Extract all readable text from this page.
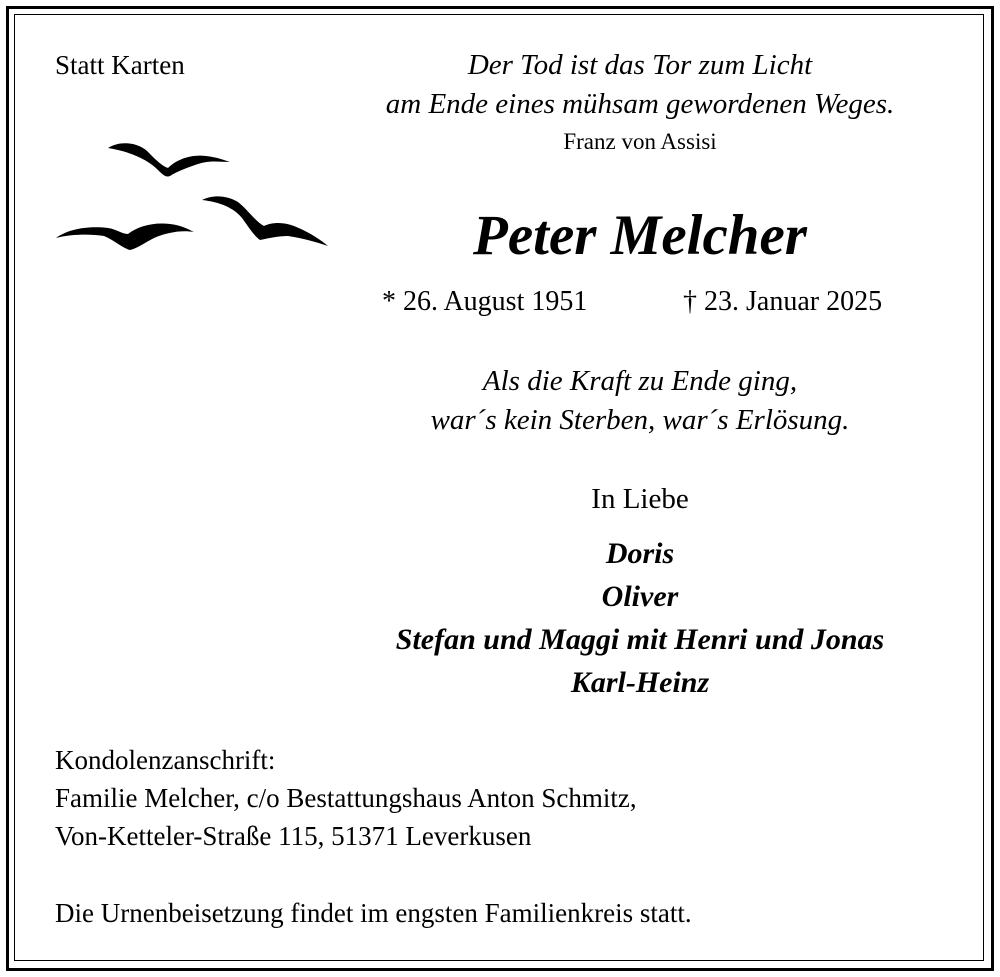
Statt Karten	Der Tod ist das Tor zum Licht
am Ende eines mühsam gewordenen Weges.
Franz von Assisi
Peter Melcher
* 26. August 1951	† 23. Januar 2025
Als die Kraft zu Ende ging,
war´s kein Sterben, war´s Erlösung.
In Liebe
Doris
Oliver
Stefan und Maggi mit Henri und Jonas
Karl-Heinz
Kondolenzanschrift:
Familie Melcher, c/o Bestattungshaus Anton Schmitz,
Von-Ketteler-Straße 115, 51371 Leverkusen
Die Urnenbeisetzung findet im engsten Familienkreis statt.
